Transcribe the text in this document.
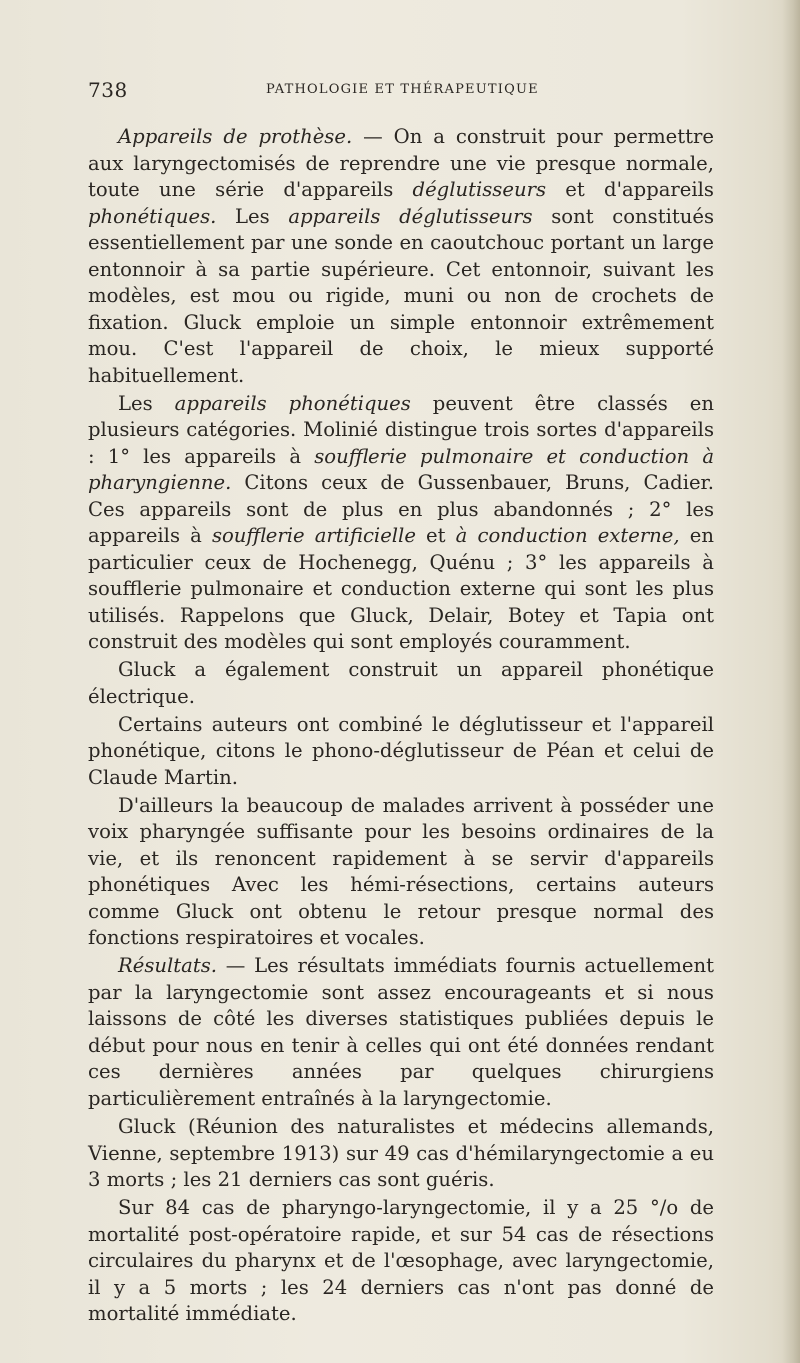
738	PATHOLOGIE ET THÉRAPEUTIQUE

Appareils de prothèse. — On a construit pour permettre aux laryngectomisés de reprendre une vie presque normale, toute une série d'appareils déglutisseurs et d'appareils phonétiques. Les appareils déglutisseurs sont constitués essentiellement par une sonde en caoutchouc portant un large entonnoir à sa partie supérieure. Cet entonnoir, suivant les modèles, est mou ou rigide, muni ou non de crochets de fixation. Gluck emploie un simple entonnoir extrêmement mou. C'est l'appareil de choix, le mieux supporté habituellement.

Les appareils phonétiques peuvent être classés en plusieurs catégories. Molinié distingue trois sortes d'appareils : 1° les appareils à soufflerie pulmonaire et conduction à pharyngienne. Citons ceux de Gussenbauer, Bruns, Cadier. Ces appareils sont de plus en plus abandonnés ; 2° les appareils à soufflerie artificielle et à conduction externe, en particulier ceux de Hochenegg, Quénu ; 3° les appareils à soufflerie pulmonaire et conduction externe qui sont les plus utilisés. Rappelons que Gluck, Delair, Botey et Tapia ont construit des modèles qui sont employés couramment.

Gluck a également construit un appareil phonétique électrique.

Certains auteurs ont combiné le déglutisseur et l'appareil phonétique, citons le phono-déglutisseur de Péan et celui de Claude Martin.

D'ailleurs la beaucoup de malades arrivent à posséder une voix pharyngée suffisante pour les besoins ordinaires de la vie, et ils renoncent rapidement à se servir d'appareils phonétiques Avec les hémi-résections, certains auteurs comme Gluck ont obtenu le retour presque normal des fonctions respiratoires et vocales.

Résultats. — Les résultats immédiats fournis actuellement par la laryngectomie sont assez encourageants et si nous laissons de côté les diverses statistiques publiées depuis le début pour nous en tenir à celles qui ont été données rendant ces dernières années par quelques chirurgiens particulièrement entraînés à la laryngectomie.

Gluck (Réunion des naturalistes et médecins allemands, Vienne, septembre 1913) sur 49 cas d'hémilaryngectomie a eu 3 morts ; les 21 derniers cas sont guéris.

Sur 84 cas de pharyngo-laryngectomie, il y a 25 °/o de mortalité post-opératoire rapide, et sur 54 cas de résections circulaires du pharynx et de l'œsophage, avec laryngectomie, il y a 5 morts ; les 24 derniers cas n'ont pas donné de mortalité immédiate.
